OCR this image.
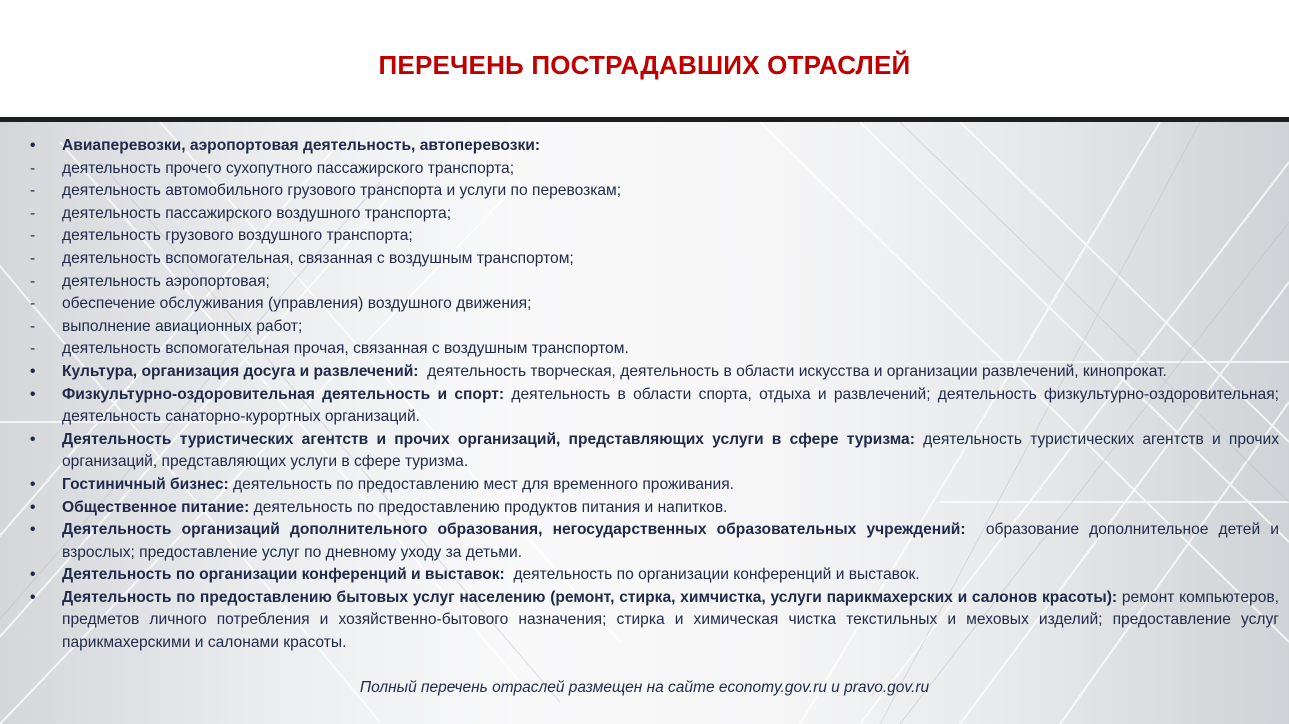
ПЕРЕЧЕНЬ ПОСТРАДАВШИХ ОТРАСЛЕЙ
•	Авиаперевозки, аэропортовая деятельность, автоперевозки:
-	деятельность прочего сухопутного пассажирского транспорта;
-	деятельность автомобильного грузового транспорта и услуги по перевозкам;
-	деятельность пассажирского воздушного транспорта;
-	деятельность грузового воздушного транспорта;
-	деятельность вспомогательная, связанная с воздушным транспортом;
-	деятельность аэропортовая;
-	обеспечение обслуживания (управления) воздушного движения;
-	выполнение авиационных работ;
-	деятельность вспомогательная прочая, связанная с воздушным транспортом.
•	Культура, организация досуга и развлечений:  деятельность творческая, деятельность в области искусства и организации развлечений, кинопрокат.
•	Физкультурно-оздоровительная деятельность и спорт: деятельность в области спорта, отдыха и развлечений; деятельность физкультурно-оздоровительная; деятельность санаторно-курортных организаций.
•	Деятельность туристических агентств и прочих организаций, представляющих услуги в сфере туризма: деятельность туристических агентств и прочих организаций, представляющих услуги в сфере туризма.
•	Гостиничный бизнес: деятельность по предоставлению мест для временного проживания.
•	Общественное питание: деятельность по предоставлению продуктов питания и напитков.
•	Деятельность организаций дополнительного образования, негосударственных образовательных учреждений:  образование дополнительное детей и взрослых; предоставление услуг по дневному уходу за детьми.
•	Деятельность по организации конференций и выставок:  деятельность по организации конференций и выставок.
•	Деятельность по предоставлению бытовых услуг населению (ремонт, стирка, химчистка, услуги парикмахерских и салонов красоты): ремонт компьютеров, предметов личного потребления и хозяйственно-бытового назначения; стирка и химическая чистка текстильных и меховых изделий; предоставление услуг парикмахерскими и салонами красоты.
Полный перечень отраслей размещен на сайте economy.gov.ru и pravo.gov.ru
